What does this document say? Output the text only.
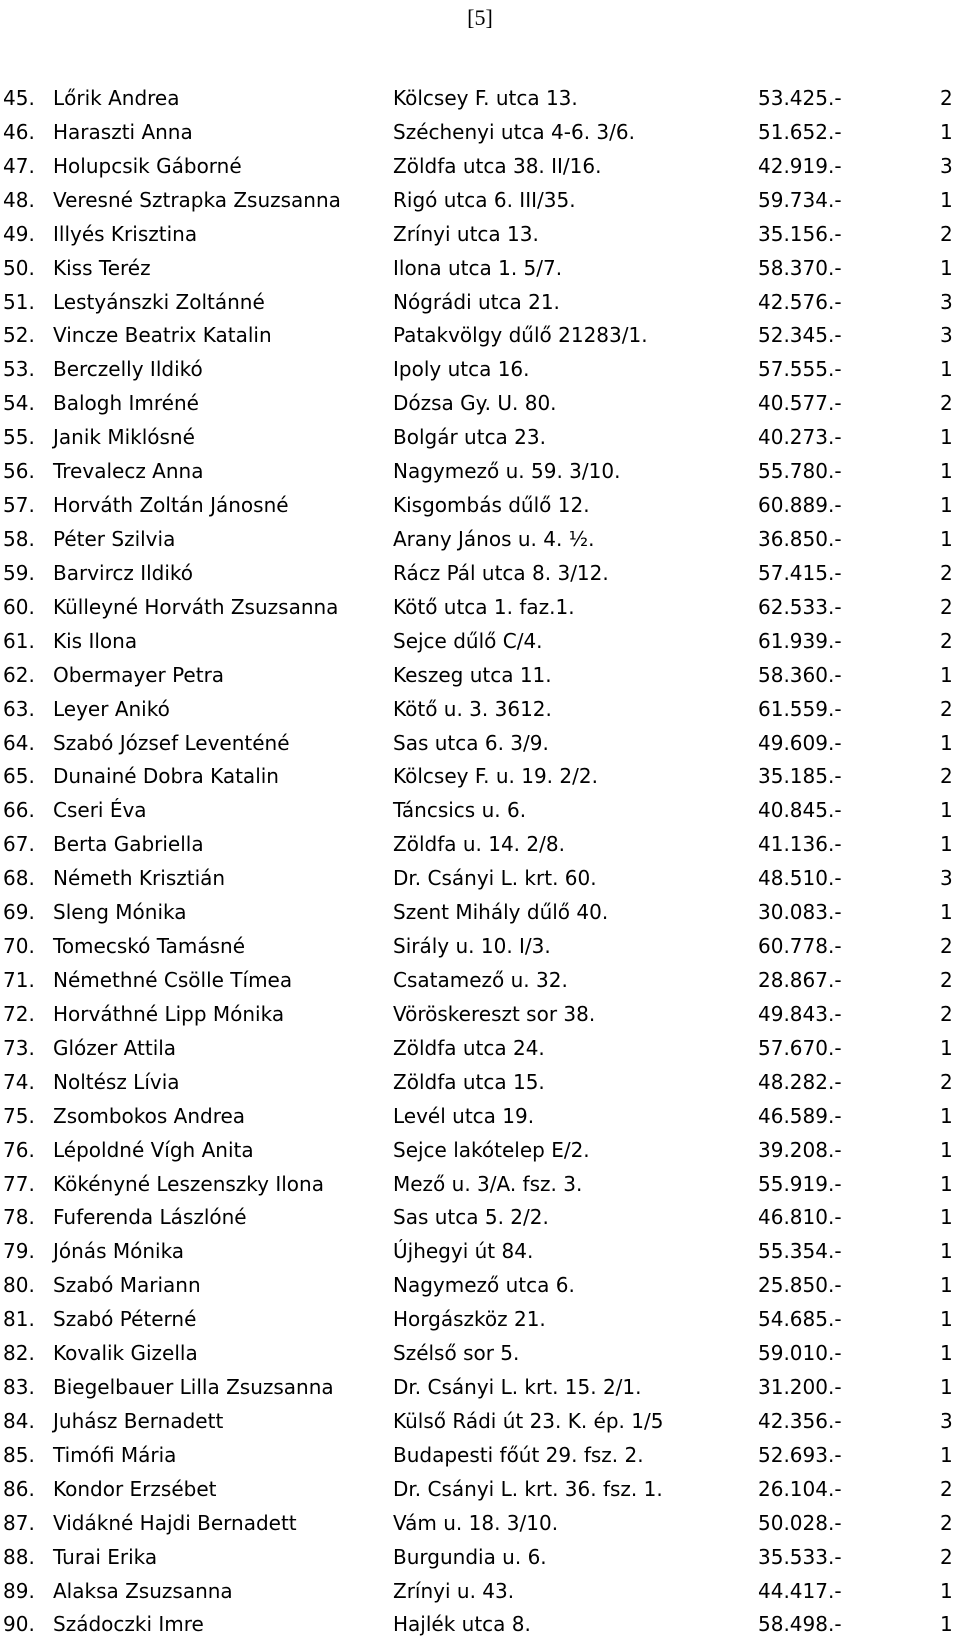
[5]
45. Lőrik Andrea	Kölcsey F. utca 13.	53.425.-	2
46. Haraszti Anna	Széchenyi utca 4-6. 3/6.	51.652.-	1
47. Holupcsik Gáborné	Zöldfa utca 38. II/16.	42.919.-	3
48. Veresné Sztrapka Zsuzsanna	Rigó utca 6. III/35.	59.734.-	1
49. Illyés Krisztina	Zrínyi utca 13.	35.156.-	2
50. Kiss Teréz	Ilona utca 1. 5/7.	58.370.-	1
51. Lestyánszki Zoltánné	Nógrádi utca 21.	42.576.-	3
52. Vincze Beatrix Katalin	Patakvölgy dűlő 21283/1.	52.345.-	3
53. Berczelly Ildikó	Ipoly utca 16.	57.555.-	1
54. Balogh Imréné	Dózsa Gy. U. 80.	40.577.-	2
55. Janik Miklósné	Bolgár utca 23.	40.273.-	1
56. Trevalecz Anna	Nagymező u. 59. 3/10.	55.780.-	1
57. Horváth Zoltán Jánosné	Kisgombás dűlő 12.	60.889.-	1
58. Péter Szilvia	Arany János u. 4. ½.	36.850.-	1
59. Barvircz Ildikó	Rácz Pál utca 8. 3/12.	57.415.-	2
60. Külleyné Horváth Zsuzsanna	Kötő utca 1. faz.1.	62.533.-	2
61. Kis Ilona	Sejce dűlő C/4.	61.939.-	2
62. Obermayer Petra	Keszeg utca 11.	58.360.-	1
63. Leyer Anikó	Kötő u. 3. 3612.	61.559.-	2
64. Szabó József Leventéné	Sas utca 6. 3/9.	49.609.-	1
65. Dunainé Dobra Katalin	Kölcsey F. u. 19. 2/2.	35.185.-	2
66. Cseri Éva	Táncsics u. 6.	40.845.-	1
67. Berta Gabriella	Zöldfa u. 14. 2/8.	41.136.-	1
68. Németh Krisztián	Dr. Csányi L. krt. 60.	48.510.-	3
69. Sleng Mónika	Szent Mihály dűlő 40.	30.083.-	1
70. Tomecskó Tamásné	Sirály u. 10. I/3.	60.778.-	2
71. Némethné Csölle Tímea	Csatamező u. 32.	28.867.-	2
72. Horváthné Lipp Mónika	Vöröskereszt sor 38.	49.843.-	2
73. Glózer Attila	Zöldfa utca 24.	57.670.-	1
74. Noltész Lívia	Zöldfa utca 15.	48.282.-	2
75. Zsombokos Andrea	Levél utca 19.	46.589.-	1
76. Lépoldné Vígh Anita	Sejce lakótelep E/2.	39.208.-	1
77. Kökényné Leszenszky Ilona	Mező u. 3/A. fsz. 3.	55.919.-	1
78. Fuferenda Lászlóné	Sas utca 5. 2/2.	46.810.-	1
79. Jónás Mónika	Újhegyi út 84.	55.354.-	1
80. Szabó Mariann	Nagymező utca 6.	25.850.-	1
81. Szabó Péterné	Horgászköz 21.	54.685.-	1
82. Kovalik Gizella	Szélső sor 5.	59.010.-	1
83. Biegelbauer Lilla Zsuzsanna	Dr. Csányi L. krt. 15. 2/1.	31.200.-	1
84. Juhász Bernadett	Külső Rádi út 23. K. ép. 1/5	42.356.-	3
85. Timófi Mária	Budapesti főút 29. fsz. 2.	52.693.-	1
86. Kondor Erzsébet	Dr. Csányi L. krt. 36. fsz. 1.	26.104.-	2
87. Vidákné Hajdi Bernadett	Vám u. 18. 3/10.	50.028.-	2
88. Turai Erika	Burgundia u. 6.	35.533.-	2
89. Alaksa Zsuzsanna	Zrínyi u. 43.	44.417.-	1
90. Szádoczki Imre	Hajlék utca 8.	58.498.-	1
